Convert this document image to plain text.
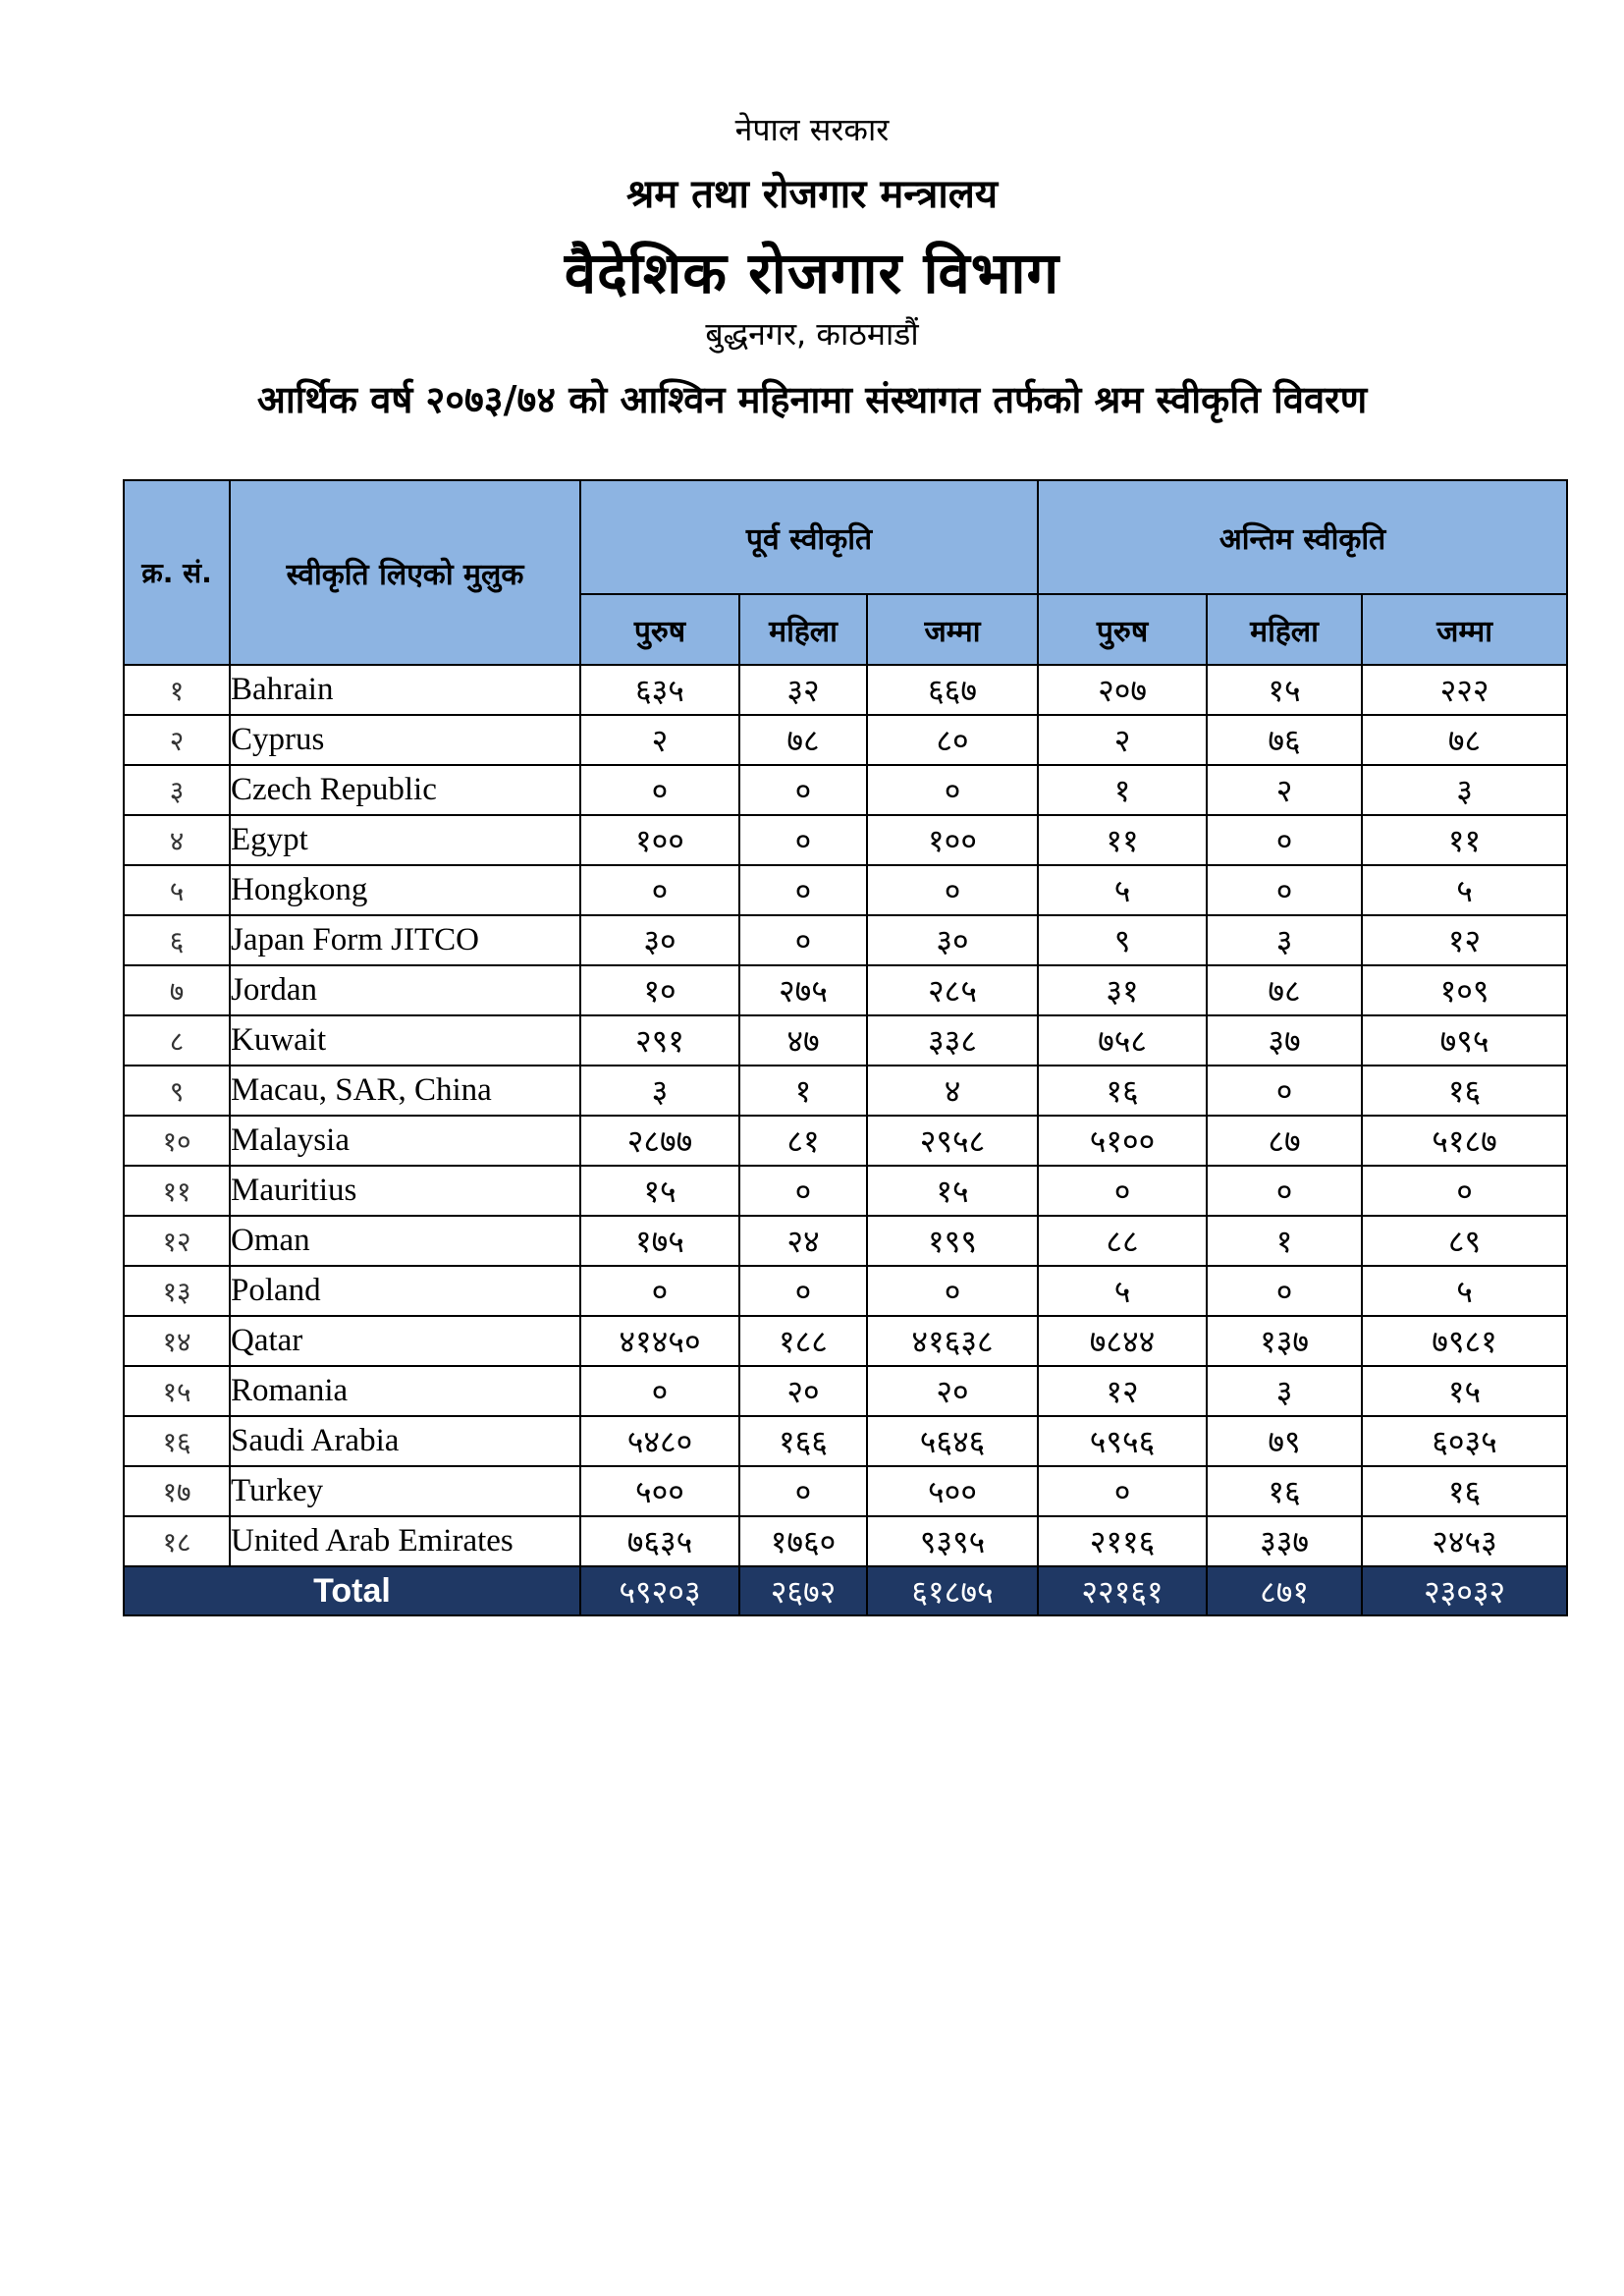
नेपाल सरकार
श्रम तथा रोजगार मन्त्रालय
वैदेशिक रोजगार विभाग
बुद्धनगर, काठमाडौं
आर्थिक वर्ष २०७३/७४ को आश्विन महिनामा संस्थागत तर्फको श्रम स्वीकृति विवरण
क्र. सं.	स्वीकृति लिएको मुलुक	पूर्व स्वीकृति			अन्तिम स्वीकृति		
		पुरुष	महिला	जम्मा	पुरुष	महिला	जम्मा
१	Bahrain	६३५	३२	६६७	२०७	१५	२२२
२	Cyprus	२	७८	८०	२	७६	७८
३	Czech Republic	०	०	०	१	२	३
४	Egypt	१००	०	१००	११	०	११
५	Hongkong	०	०	०	५	०	५
६	Japan Form JITCO	३०	०	३०	९	३	१२
७	Jordan	१०	२७५	२८५	३१	७८	१०९
८	Kuwait	२९१	४७	३३८	७५८	३७	७९५
९	Macau, SAR, China	३	१	४	१६	०	१६
१०	Malaysia	२८७७	८१	२९५८	५१००	८७	५१८७
११	Mauritius	१५	०	१५	०	०	०
१२	Oman	१७५	२४	१९९	८८	१	८९
१३	Poland	०	०	०	५	०	५
१४	Qatar	४१४५०	१८८	४१६३८	७८४४	१३७	७९८१
१५	Romania	०	२०	२०	१२	३	१५
१६	Saudi Arabia	५४८०	१६६	५६४६	५९५६	७९	६०३५
१७	Turkey	५००	०	५००	०	१६	१६
१८	United Arab Emirates	७६३५	१७६०	९३९५	२११६	३३७	२४५३
Total		५९२०३	२६७२	६१८७५	२२१६१	८७१	२३०३२
